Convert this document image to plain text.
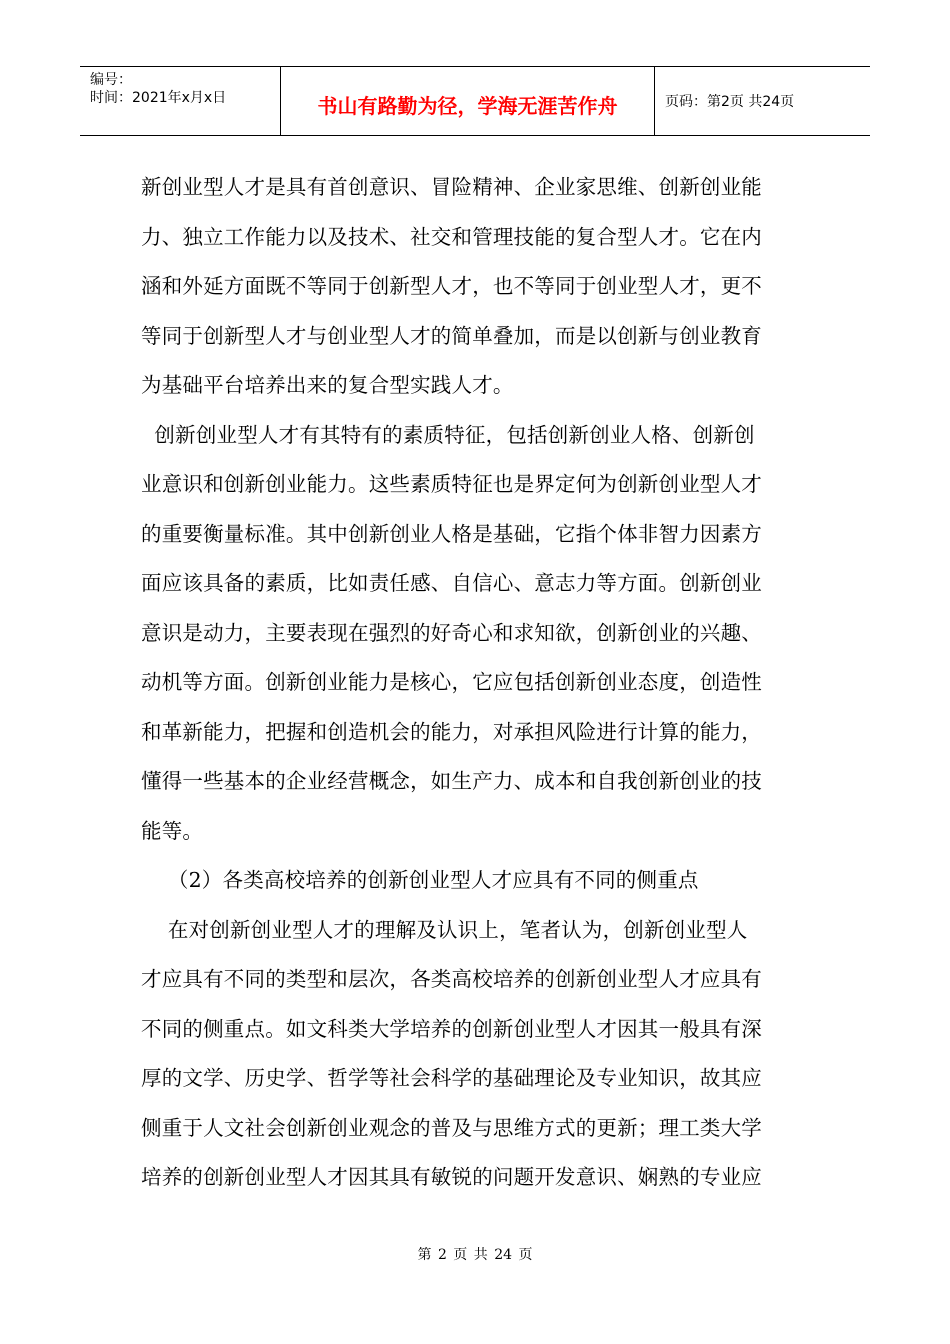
编号：
时间：2021年x月x日	书山有路勤为径，学海无涯苦作舟	页码：第2页 共24页
新创业型人才是具有首创意识、冒险精神、企业家思维、创新创业能
力、独立工作能力以及技术、社交和管理技能的复合型人才。它在内
涵和外延方面既不等同于创新型人才，也不等同于创业型人才，更不
等同于创新型人才与创业型人才的简单叠加，而是以创新与创业教育
为基础平台培养出来的复合型实践人才。
创新创业型人才有其特有的素质特征，包括创新创业人格、创新创
业意识和创新创业能力。这些素质特征也是界定何为创新创业型人才
的重要衡量标准。其中创新创业人格是基础，它指个体非智力因素方
面应该具备的素质，比如责任感、自信心、意志力等方面。创新创业
意识是动力，主要表现在强烈的好奇心和求知欲，创新创业的兴趣、
动机等方面。创新创业能力是核心，它应包括创新创业态度，创造性
和革新能力，把握和创造机会的能力，对承担风险进行计算的能力，
懂得一些基本的企业经营概念，如生产力、成本和自我创新创业的技
能等。
（2）各类高校培养的创新创业型人才应具有不同的侧重点
在对创新创业型人才的理解及认识上，笔者认为，创新创业型人
才应具有不同的类型和层次，各类高校培养的创新创业型人才应具有
不同的侧重点。如文科类大学培养的创新创业型人才因其一般具有深
厚的文学、历史学、哲学等社会科学的基础理论及专业知识，故其应
侧重于人文社会创新创业观念的普及与思维方式的更新；理工类大学
培养的创新创业型人才因其具有敏锐的问题开发意识、娴熟的专业应
第 2 页 共 24 页
